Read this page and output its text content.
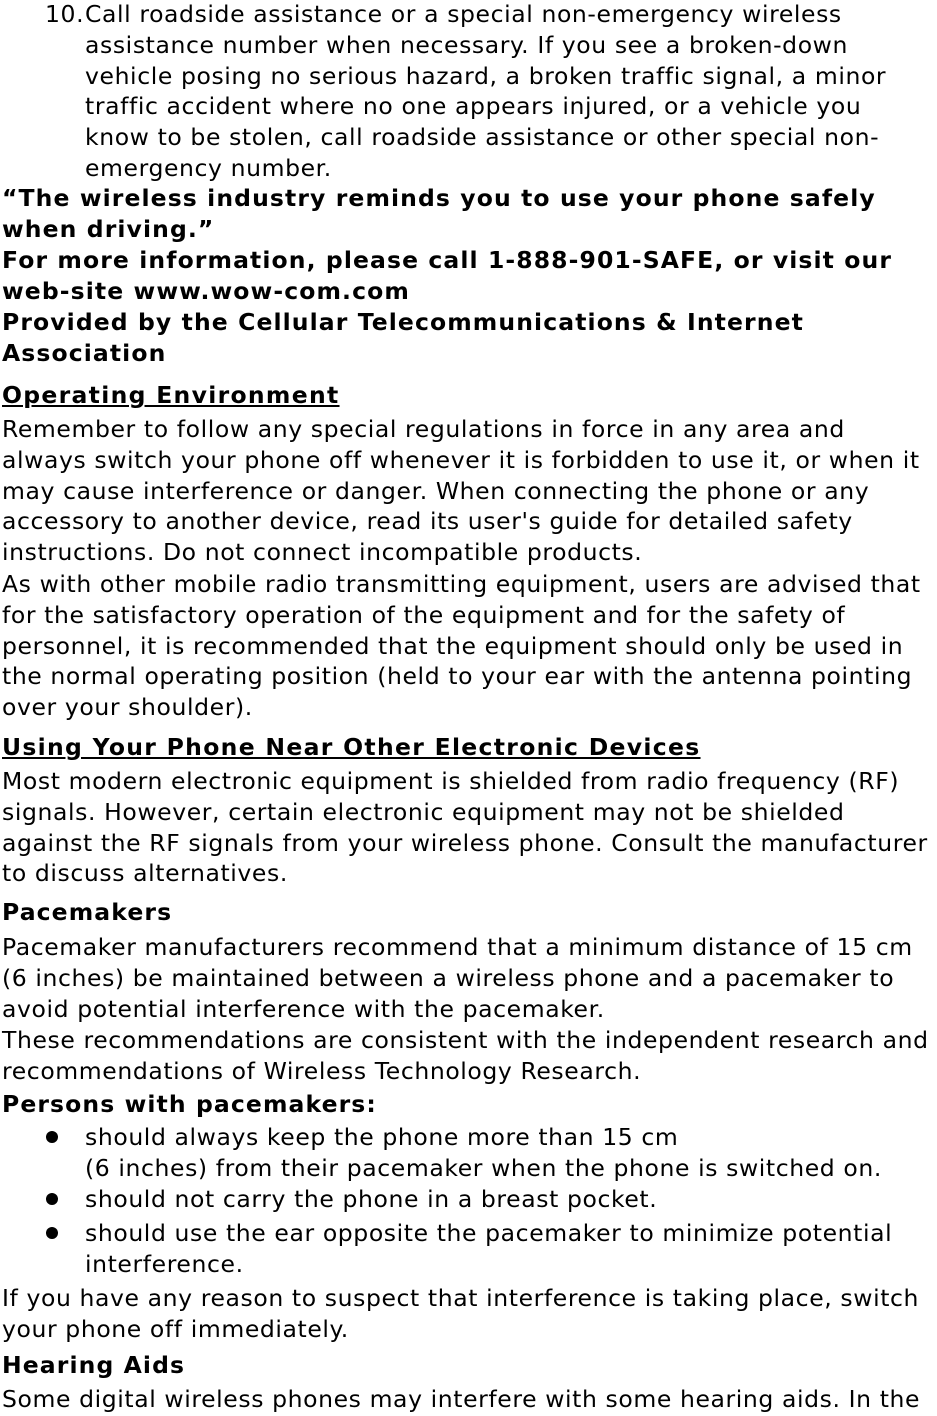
10. Call roadside assistance or a special non-emergency wireless assistance number when necessary. If you see a broken-down vehicle posing no serious hazard, a broken traffic signal, a minor traffic accident where no one appears injured, or a vehicle you know to be stolen, call roadside assistance or other special non-emergency number.

“The wireless industry reminds you to use your phone safely when driving.”

For more information, please call 1-888-901-SAFE, or visit our web-site www.wow-com.com

Provided by the Cellular Telecommunications & Internet Association

Operating Environment

Remember to follow any special regulations in force in any area and always switch your phone off whenever it is forbidden to use it, or when it may cause interference or danger. When connecting the phone or any accessory to another device, read its user's guide for detailed safety instructions. Do not connect incompatible products.

As with other mobile radio transmitting equipment, users are advised that for the satisfactory operation of the equipment and for the safety of personnel, it is recommended that the equipment should only be used in the normal operating position (held to your ear with the antenna pointing over your shoulder).

Using Your Phone Near Other Electronic Devices

Most modern electronic equipment is shielded from radio frequency (RF) signals. However, certain electronic equipment may not be shielded against the RF signals from your wireless phone. Consult the manufacturer to discuss alternatives.

Pacemakers

Pacemaker manufacturers recommend that a minimum distance of 15 cm (6 inches) be maintained between a wireless phone and a pacemaker to avoid potential interference with the pacemaker.

These recommendations are consistent with the independent research and recommendations of Wireless Technology Research.

Persons with pacemakers:

should always keep the phone more than 15 cm
(6 inches) from their pacemaker when the phone is switched on.
should not carry the phone in a breast pocket.
should use the ear opposite the pacemaker to minimize potential interference.

If you have any reason to suspect that interference is taking place, switch your phone off immediately.

Hearing Aids

Some digital wireless phones may interfere with some hearing aids. In the
